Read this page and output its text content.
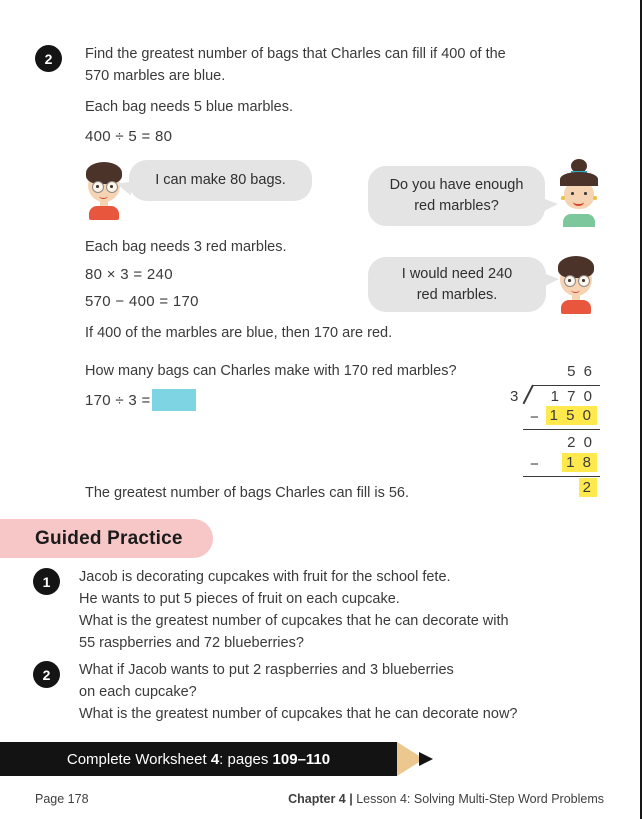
2 Find the greatest number of bags that Charles can fill if 400 of the
570 marbles are blue.
Each bag needs 5 blue marbles.
400 ÷ 5 = 80
I can make 80 bags.	Do you have enough
red marbles?
Each bag needs 3 red marbles.
80 × 3 = 240
570 − 400 = 170
I would need 240
red marbles.
If 400 of the marbles are blue, then 170 are red.
How many bags can Charles make with 170 red marbles?
170 ÷ 3 =
5 6
3 1 7 0
− 1 5 0
2 0
− 1 8
2
The greatest number of bags Charles can fill is 56.
Guided Practice
1 Jacob is decorating cupcakes with fruit for the school fete.
He wants to put 5 pieces of fruit on each cupcake.
What is the greatest number of cupcakes that he can decorate with
55 raspberries and 72 blueberries?
2 What if Jacob wants to put 2 raspberries and 3 blueberries
on each cupcake?
What is the greatest number of cupcakes that he can decorate now?
Complete Worksheet 4: pages 109–110
Page 178	Chapter 4 | Lesson 4: Solving Multi-Step Word Problems
